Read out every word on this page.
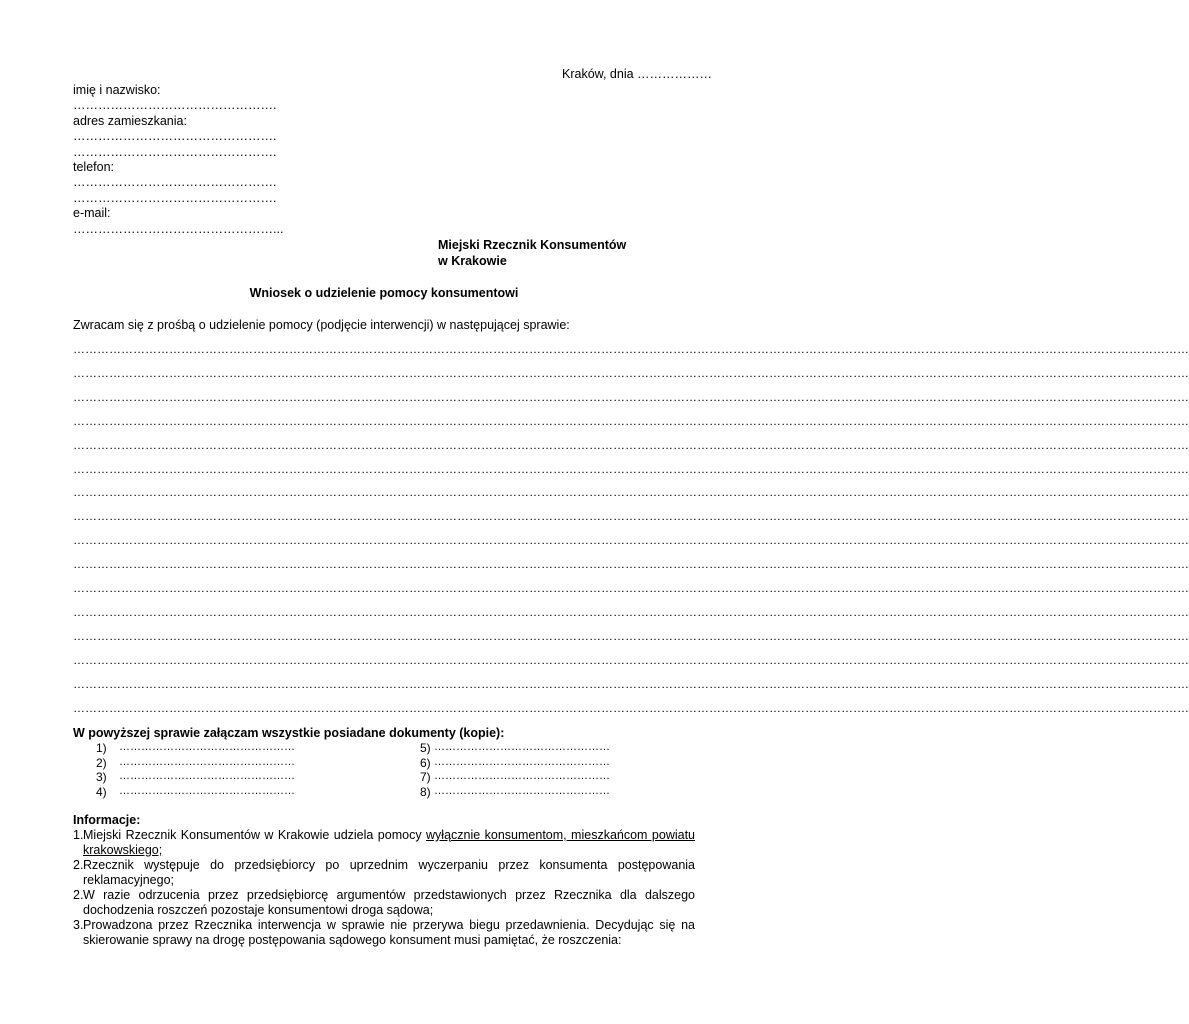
Kraków, dnia ………………
imię i nazwisko:
………………………………………….
adres zamieszkania:
………………………………………….
………………………………………….
telefon:
………………………………………….
………………………………………….
e-mail:
…………………………………………...
Miejski Rzecznik Konsumentów
w Krakowie
Wniosek o udzielenie pomocy konsumentowi
Zwracam się z prośbą o udzielenie pomocy (podjęcie interwencji) w następującej sprawie:
………………………………………………………………………………………………………………………………………………………………………………………………………………………………………………………
………………………………………………………………………………………………………………………………………………………………………………………………………………………………………………………
………………………………………………………………………………………………………………………………………………………………………………………………………………………………………………………
………………………………………………………………………………………………………………………………………………………………………………………………………………………………………………………
………………………………………………………………………………………………………………………………………………………………………………………………………………………………………………………
………………………………………………………………………………………………………………………………………………………………………………………………………………………………………………………
………………………………………………………………………………………………………………………………………………………………………………………………………………………………………………………
………………………………………………………………………………………………………………………………………………………………………………………………………………………………………………………
………………………………………………………………………………………………………………………………………………………………………………………………………………………………………………………
………………………………………………………………………………………………………………………………………………………………………………………………………………………………………………………
………………………………………………………………………………………………………………………………………………………………………………………………………………………………………………………
………………………………………………………………………………………………………………………………………………………………………………………………………………………………………………………
………………………………………………………………………………………………………………………………………………………………………………………………………………………………………………………
………………………………………………………………………………………………………………………………………………………………………………………………………………………………………………………
………………………………………………………………………………………………………………………………………………………………………………………………………………………………………………………
………………………………………………………………………………………………………………………………………………………………………………………………………………………………………………………
W powyższej sprawie załączam wszystkie posiadane dokumenty (kopie):
1) …………………………………………
2) …………………………………………
3) …………………………………………
4) …………………………………………
5) …………………………………………
6) …………………………………………
7) …………………………………………
8) …………………………………………
Informacje:

1. Miejski Rzecznik Konsumentów w Krakowie udziela pomocy wyłącznie konsumentom, mieszkańcom powiatu krakowskiego;

2. Rzecznik występuje do przedsiębiorcy po uprzednim wyczerpaniu przez konsumenta postępowania reklamacyjnego;

2. W razie odrzucenia przez przedsiębiorcę argumentów przedstawionych przez Rzecznika dla dalszego dochodzenia roszczeń pozostaje konsumentowi droga sądowa;

3. Prowadzona przez Rzecznika interwencja w sprawie nie przerywa biegu przedawnienia. Decydując się na skierowanie sprawy na drogę postępowania sądowego konsument musi pamiętać, że roszczenia:
